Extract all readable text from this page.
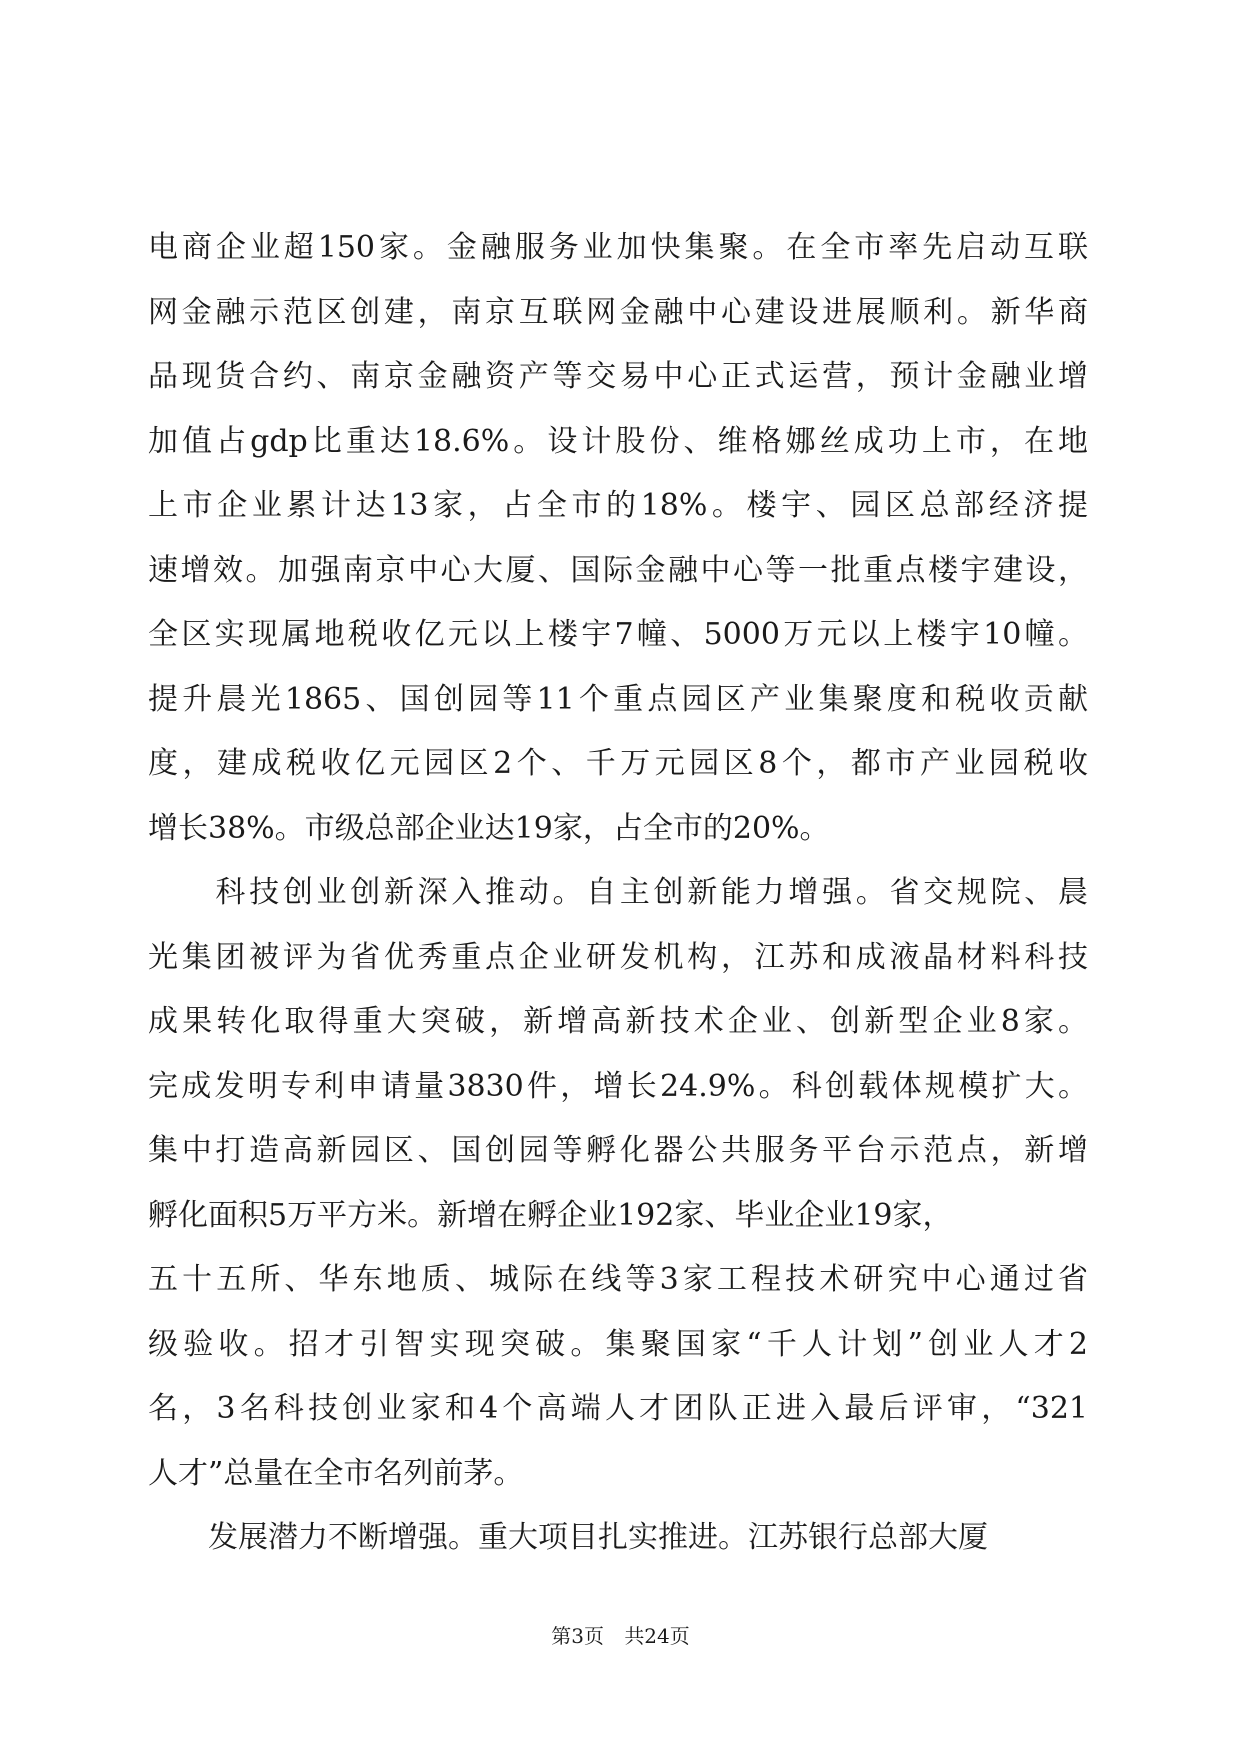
电商企业超150家。金融服务业加快集聚。在全市率先启动互联
网金融示范区创建，南京互联网金融中心建设进展顺利。新华商
品现货合约、南京金融资产等交易中心正式运营，预计金融业增
加值占gdp比重达18.6%。设计股份、维格娜丝成功上市，在地
上市企业累计达13家，占全市的18%。楼宇、园区总部经济提
速增效。加强南京中心大厦、国际金融中心等一批重点楼宇建设，
全区实现属地税收亿元以上楼宇7幢、5000万元以上楼宇10幢。
提升晨光1865、国创园等11个重点园区产业集聚度和税收贡献
度，建成税收亿元园区2个、千万元园区8个，都市产业园税收
增长38%。市级总部企业达19家，占全市的20%。
　　科技创业创新深入推动。自主创新能力增强。省交规院、晨
光集团被评为省优秀重点企业研发机构，江苏和成液晶材料科技
成果转化取得重大突破，新增高新技术企业、创新型企业8家。
完成发明专利申请量3830件，增长24.9%。科创载体规模扩大。
集中打造高新园区、国创园等孵化器公共服务平台示范点，新增
孵化面积5万平方米。新增在孵企业192家、毕业企业19家，
五十五所、华东地质、城际在线等3家工程技术研究中心通过省
级验收。招才引智实现突破。集聚国家“千人计划”创业人才2
名，3名科技创业家和4个高端人才团队正进入最后评审，“321
人才”总量在全市名列前茅。
　　发展潜力不断增强。重大项目扎实推进。江苏银行总部大厦
第3页 共24页
